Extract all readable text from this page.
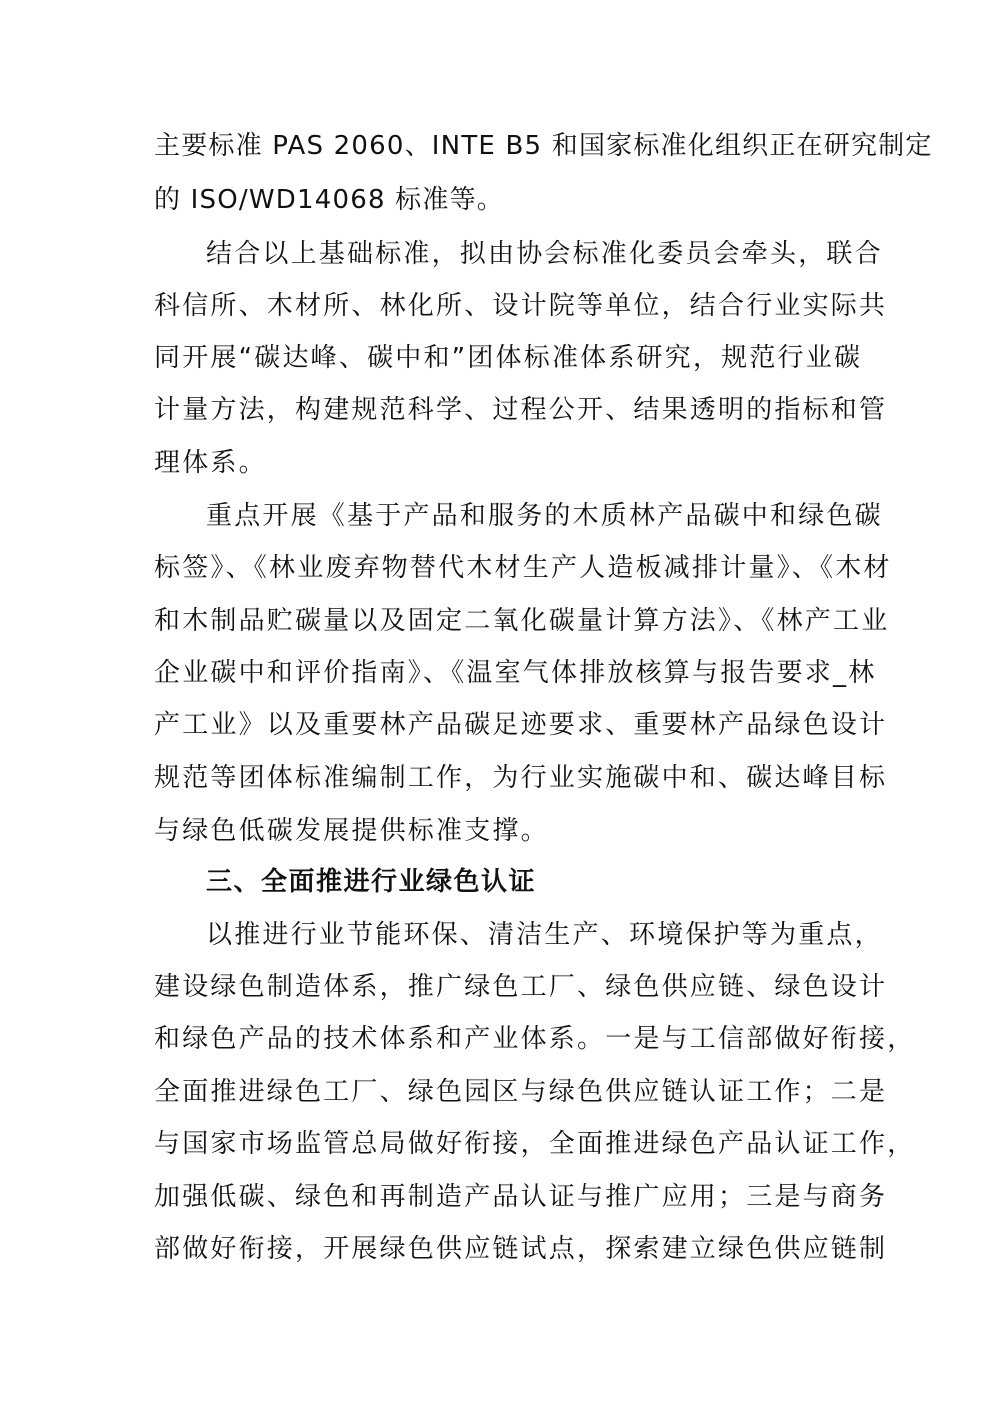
主要标准 PAS 2060、INTE B5 和国家标准化组织正在研究制定
的 ISO/WD14068 标准等。
结合以上基础标准，拟由协会标准化委员会牵头，联合
科信所、木材所、林化所、设计院等单位，结合行业实际共
同开展“碳达峰、碳中和”团体标准体系研究，规范行业碳
计量方法，构建规范科学、过程公开、结果透明的指标和管
理体系。
重点开展《基于产品和服务的木质林产品碳中和绿色碳
标签》、《林业废弃物替代木材生产人造板减排计量》、《木材
和木制品贮碳量以及固定二氧化碳量计算方法》、《林产工业
企业碳中和评价指南》、《温室气体排放核算与报告要求_林
产工业》以及重要林产品碳足迹要求、重要林产品绿色设计
规范等团体标准编制工作，为行业实施碳中和、碳达峰目标
与绿色低碳发展提供标准支撑。
三、全面推进行业绿色认证
以推进行业节能环保、清洁生产、环境保护等为重点，
建设绿色制造体系，推广绿色工厂、绿色供应链、绿色设计
和绿色产品的技术体系和产业体系。一是与工信部做好衔接，
全面推进绿色工厂、绿色园区与绿色供应链认证工作；二是
与国家市场监管总局做好衔接，全面推进绿色产品认证工作，
加强低碳、绿色和再制造产品认证与推广应用；三是与商务
部做好衔接，开展绿色供应链试点，探索建立绿色供应链制
